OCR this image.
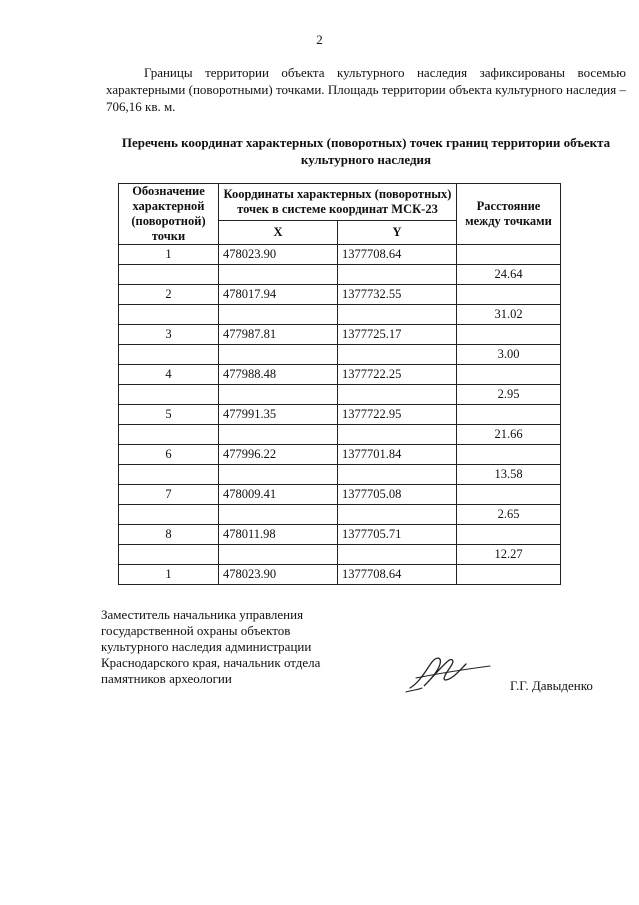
2
Границы территории объекта культурного наследия зафиксированы восемью характерными (поворотными) точками. Площадь территории объекта культурного наследия – 706,16 кв. м.
Перечень координат характерных (поворотных) точек границ территории объекта культурного наследия
Обозначение характерной (поворотной) точки	Координаты характерных (поворотных) точек в системе координат МСК-23		Расстояние между точками
	X	Y	
1	478023.90	1377708.64	
			24.64
2	478017.94	1377732.55	
			31.02
3	477987.81	1377725.17	
			3.00
4	477988.48	1377722.25	
			2.95
5	477991.35	1377722.95	
			21.66
6	477996.22	1377701.84	
			13.58
7	478009.41	1377705.08	
			2.65
8	478011.98	1377705.71	
			12.27
1	478023.90	1377708.64	
Заместитель начальника управления
государственной охраны объектов
культурного наследия администрации
Краснодарского края, начальник отдела
памятников археологии	Г.Г. Давыденко
